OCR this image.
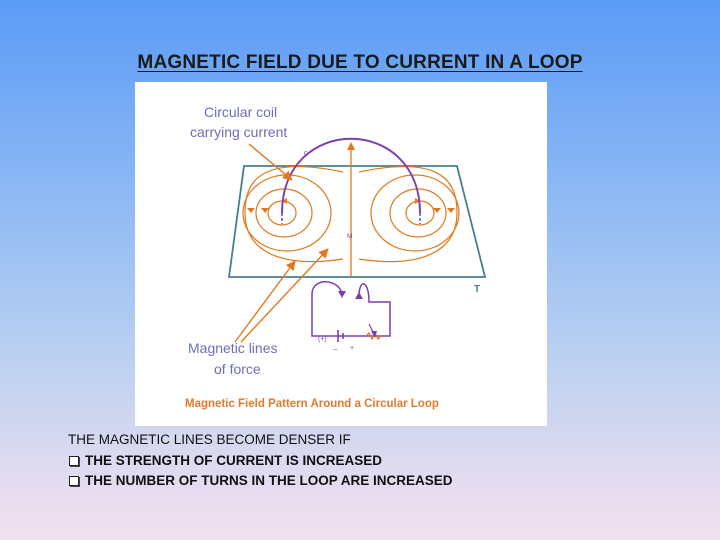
MAGNETIC FIELD DUE TO CURRENT IN A LOOP
c
M
T
(+)
– +
Circular coil
carrying current
Magnetic lines
of force
Magnetic Field Pattern Around a Circular Loop
THE MAGNETIC LINES BECOME DENSER IF
THE STRENGTH OF CURRENT IS INCREASED
THE NUMBER OF TURNS IN THE LOOP ARE INCREASED
